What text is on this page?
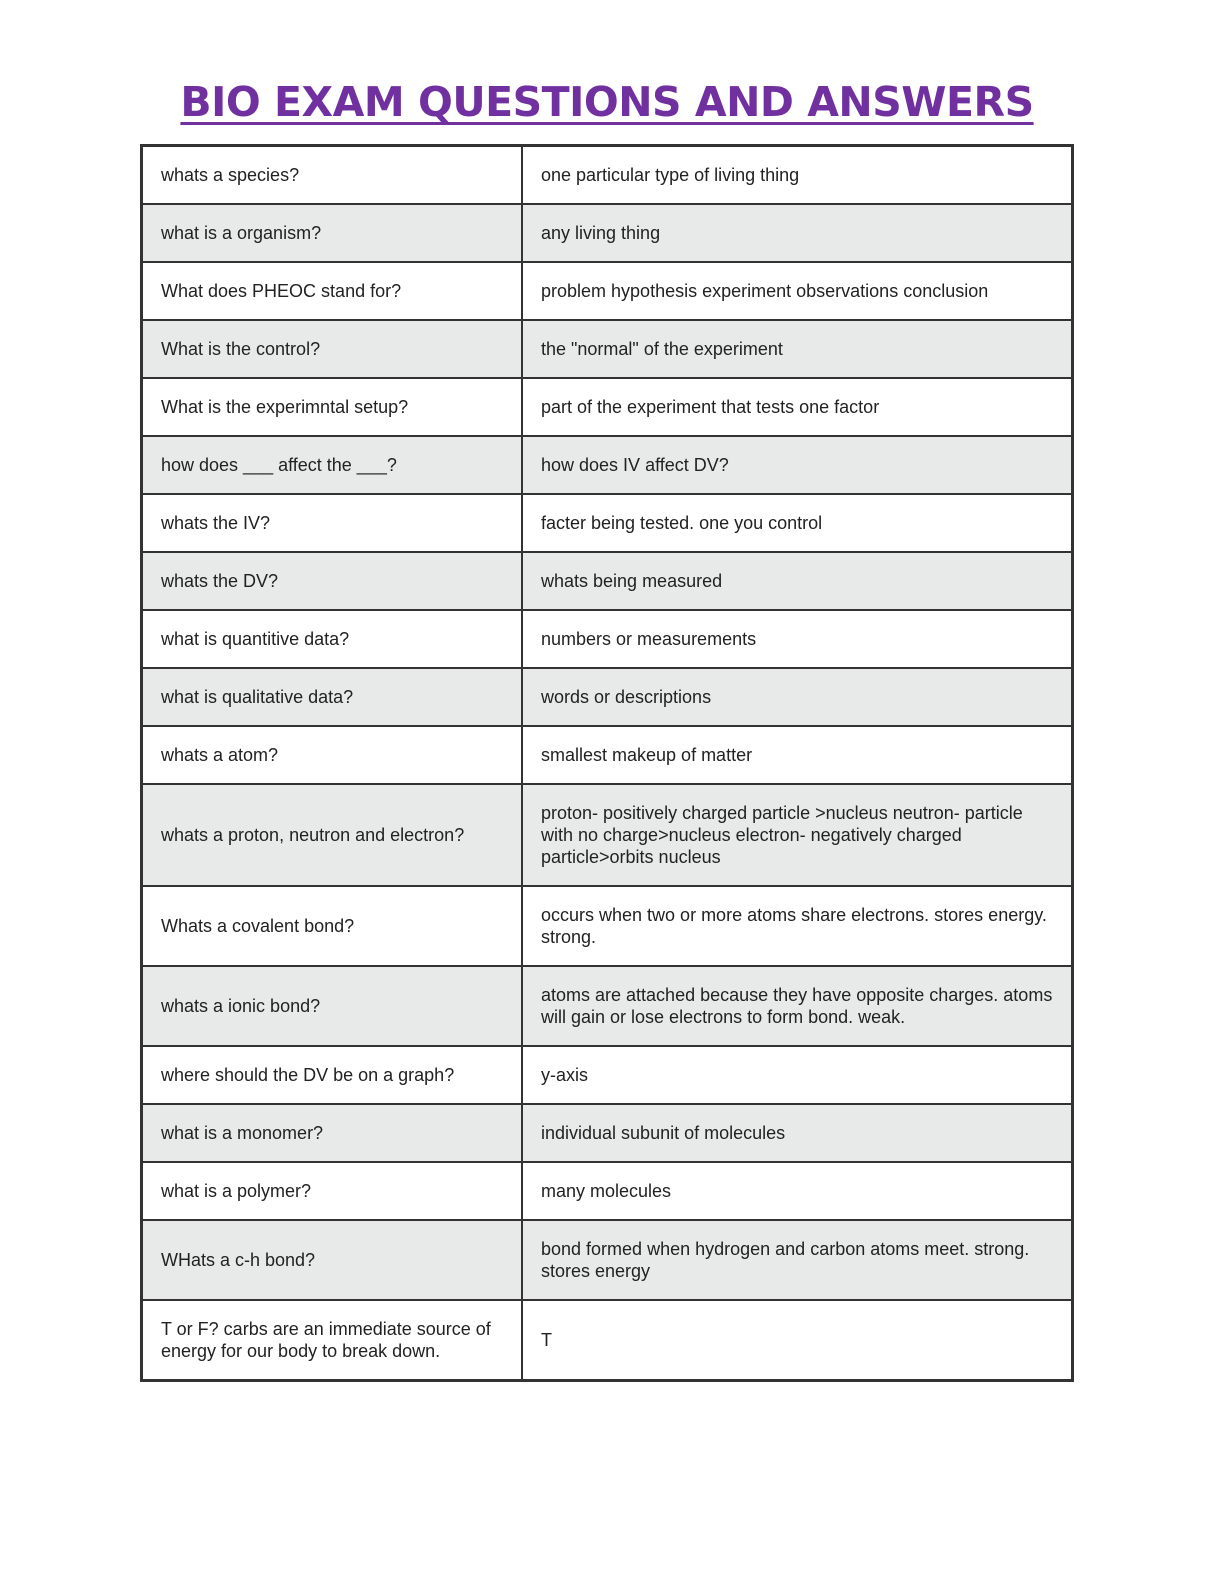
BIO EXAM QUESTIONS AND ANSWERS
whats a species?	one particular type of living thing
what is a organism?	any living thing
What does PHEOC stand for?	problem hypothesis experiment observations conclusion
What is the control?	the "normal" of the experiment
What is the experimntal setup?	part of the experiment that tests one factor
how does ___ affect the ___?	how does IV affect DV?
whats the IV?	facter being tested. one you control
whats the DV?	whats being measured
what is quantitive data?	numbers or measurements
what is qualitative data?	words or descriptions
whats a atom?	smallest makeup of matter
whats a proton, neutron and electron?	proton- positively charged particle >nucleus neutron- particle with no charge>nucleus electron- negatively charged particle>orbits nucleus
Whats a covalent bond?	occurs when two or more atoms share electrons. stores energy. strong.
whats a ionic bond?	atoms are attached because they have opposite charges. atoms will gain or lose electrons to form bond. weak.
where should the DV be on a graph?	y-axis
what is a monomer?	individual subunit of molecules
what is a polymer?	many molecules
WHats a c-h bond?	bond formed when hydrogen and carbon atoms meet. strong. stores energy
T or F? carbs are an immediate source of energy for our body to break down.	T
